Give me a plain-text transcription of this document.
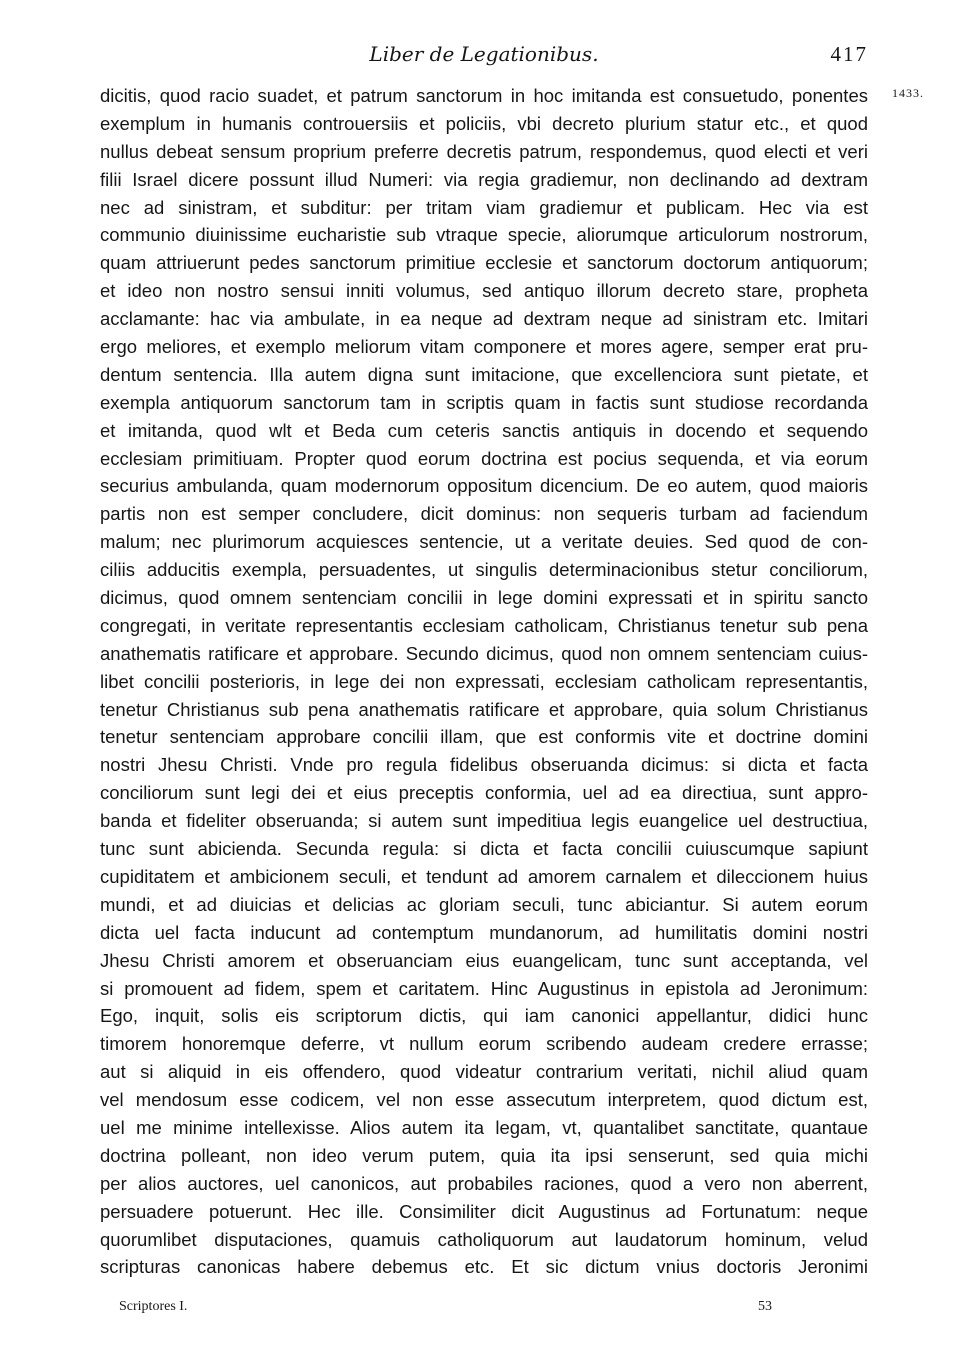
Liber de Legationibus.	417
1433.
dicitis, quod racio suadet, et patrum sanctorum in hoc imitanda est consuetudo, ponentes
exemplum in humanis controuersiis et policiis, vbi decreto plurium statur etc., et quod
nullus debeat sensum proprium preferre decretis patrum, respondemus, quod electi et veri
filii Israel dicere possunt illud Numeri: via regia gradiemur, non declinando ad dextram
nec ad sinistram, et subditur: per tritam viam gradiemur et publicam. Hec via est
communio diuinissime eucharistie sub vtraque specie, aliorumque articulorum nostrorum,
quam attriuerunt pedes sanctorum primitiue ecclesie et sanctorum doctorum antiquorum;
et ideo non nostro sensui inniti volumus, sed antiquo illorum decreto stare, propheta
acclamante: hac via ambulate, in ea neque ad dextram neque ad sinistram etc. Imitari
ergo meliores, et exemplo meliorum vitam componere et mores agere, semper erat pru-
dentum sentencia. Illa autem digna sunt imitacione, que excellenciora sunt pietate, et
exempla antiquorum sanctorum tam in scriptis quam in factis sunt studiose recordanda
et imitanda, quod wlt et Beda cum ceteris sanctis antiquis in docendo et sequendo
ecclesiam primitiuam. Propter quod eorum doctrina est pocius sequenda, et via eorum
securius ambulanda, quam modernorum oppositum dicencium. De eo autem, quod maioris
partis non est semper concludere, dicit dominus: non sequeris turbam ad faciendum
malum; nec plurimorum acquiesces sentencie, ut a veritate deuies. Sed quod de con-
ciliis adducitis exempla, persuadentes, ut singulis determinacionibus stetur conciliorum,
dicimus, quod omnem sentenciam concilii in lege domini expressati et in spiritu sancto
congregati, in veritate representantis ecclesiam catholicam, Christianus tenetur sub pena
anathematis ratificare et approbare. Secundo dicimus, quod non omnem sentenciam cuius-
libet concilii posterioris, in lege dei non expressati, ecclesiam catholicam representantis,
tenetur Christianus sub pena anathematis ratificare et approbare, quia solum Christianus
tenetur sentenciam approbare concilii illam, que est conformis vite et doctrine domini
nostri Jhesu Christi. Vnde pro regula fidelibus obseruanda dicimus: si dicta et facta
conciliorum sunt legi dei et eius preceptis conformia, uel ad ea directiua, sunt appro-
banda et fideliter obseruanda; si autem sunt impeditiua legis euangelice uel destructiua,
tunc sunt abicienda. Secunda regula: si dicta et facta concilii cuiuscumque sapiunt
cupiditatem et ambicionem seculi, et tendunt ad amorem carnalem et dileccionem huius
mundi, et ad diuicias et delicias ac gloriam seculi, tunc abiciantur. Si autem eorum
dicta uel facta inducunt ad contemptum mundanorum, ad humilitatis domini nostri
Jhesu Christi amorem et obseruanciam eius euangelicam, tunc sunt acceptanda, vel
si promouent ad fidem, spem et caritatem. Hinc Augustinus in epistola ad Jeronimum:
Ego, inquit, solis eis scriptorum dictis, qui iam canonici appellantur, didici hunc
timorem honoremque deferre, vt nullum eorum scribendo audeam credere errasse;
aut si aliquid in eis offendero, quod videatur contrarium veritati, nichil aliud quam
vel mendosum esse codicem, vel non esse assecutum interpretem, quod dictum est,
uel me minime intellexisse. Alios autem ita legam, vt, quantalibet sanctitate, quantaue
doctrina polleant, non ideo verum putem, quia ita ipsi senserunt, sed quia michi
per alios auctores, uel canonicos, aut probabiles raciones, quod a vero non aberrent,
persuadere potuerunt. Hec ille. Consimiliter dicit Augustinus ad Fortunatum: neque
quorumlibet disputaciones, quamuis catholiquorum aut laudatorum hominum, velud
scripturas canonicas habere debemus etc. Et sic dictum vnius doctoris Jeronimi
Scriptores I.	53
